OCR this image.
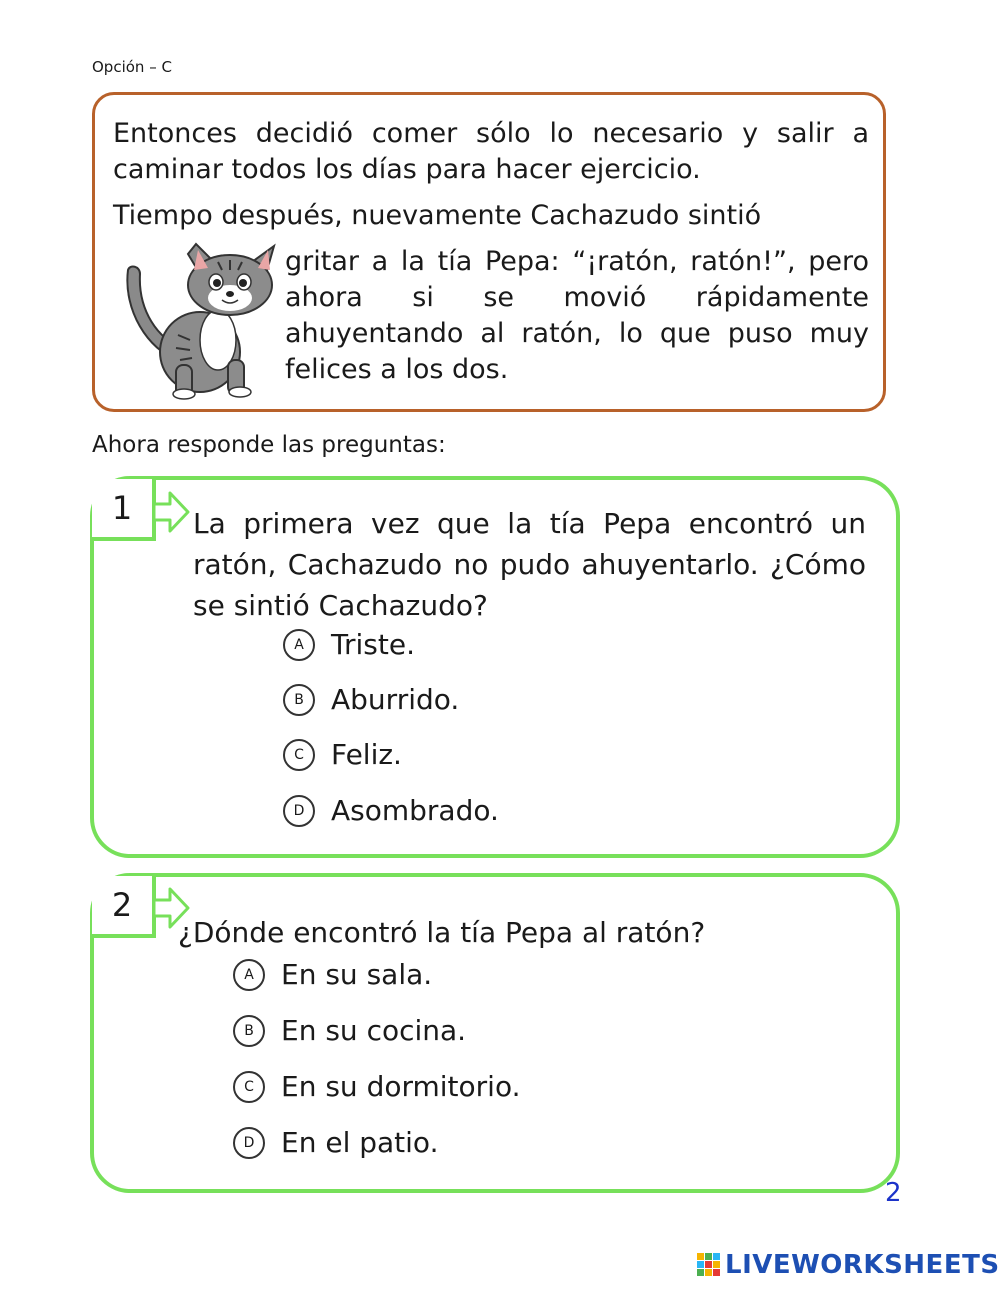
Opción – C
Entonces decidió comer sólo lo necesario y salir a caminar todos los días para hacer ejercicio.
Tiempo después, nuevamente Cachazudo sintió
gritar a la tía Pepa: “¡ratón, ratón!”, pero ahora si se movió rápidamente ahuyentando al ratón, lo que puso muy felices a los dos.
Ahora responde las preguntas:
1	La primera vez que la tía Pepa encontró un ratón, Cachazudo no pudo ahuyentarlo. ¿Cómo se sintió Cachazudo?
A Triste.
B Aburrido.
C Feliz.
D Asombrado.
2
¿Dónde encontró la tía Pepa al ratón?
A En su sala.
B En su cocina.
C En su dormitorio.
D En el patio.
2
LIVEWORKSHEETS
